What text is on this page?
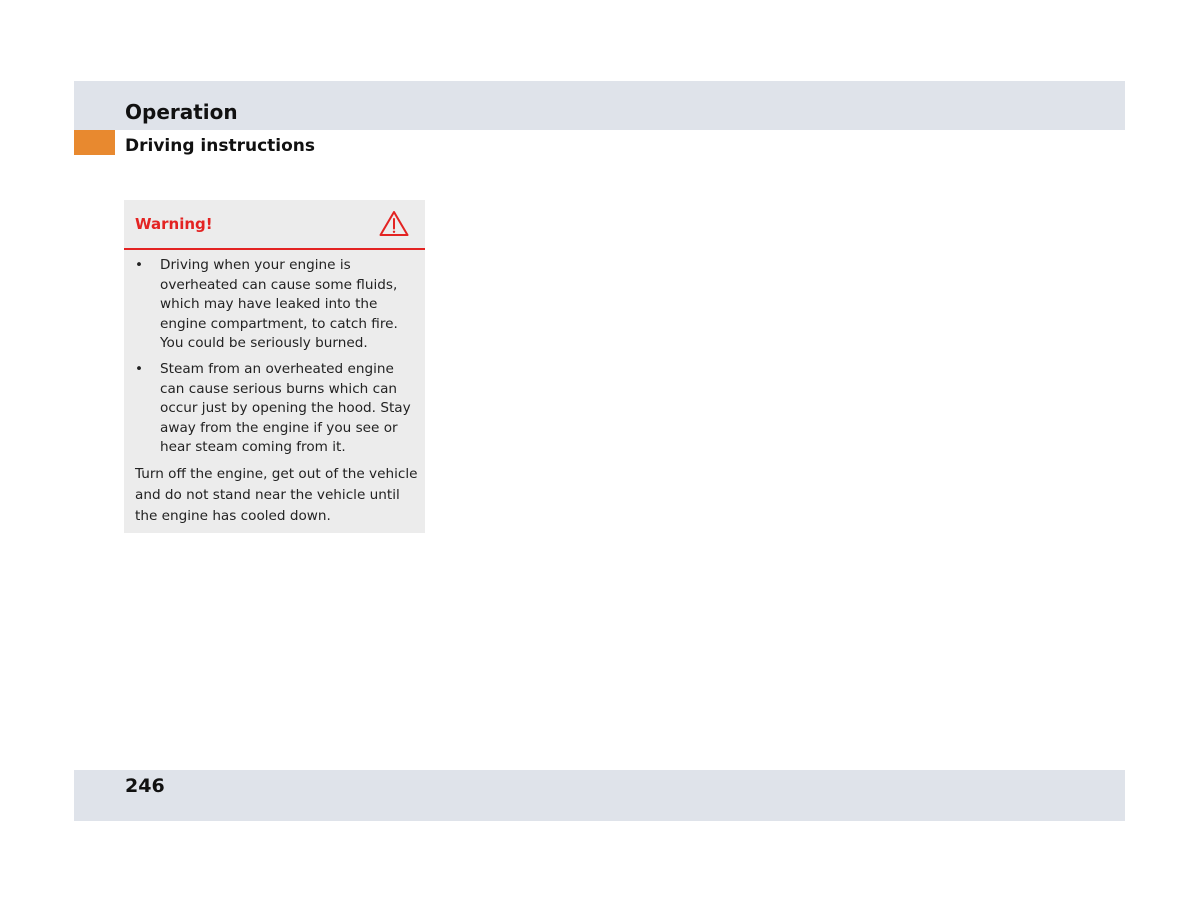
Operation
Driving instructions
Warning!
• Driving when your engine is overheated can cause some fluids, which may have leaked into the engine compartment, to catch fire. You could be seriously burned.
• Steam from an overheated engine can cause serious burns which can occur just by opening the hood. Stay away from the engine if you see or hear steam coming from it.

Turn off the engine, get out of the vehicle and do not stand near the vehicle until the engine has cooled down.

246
